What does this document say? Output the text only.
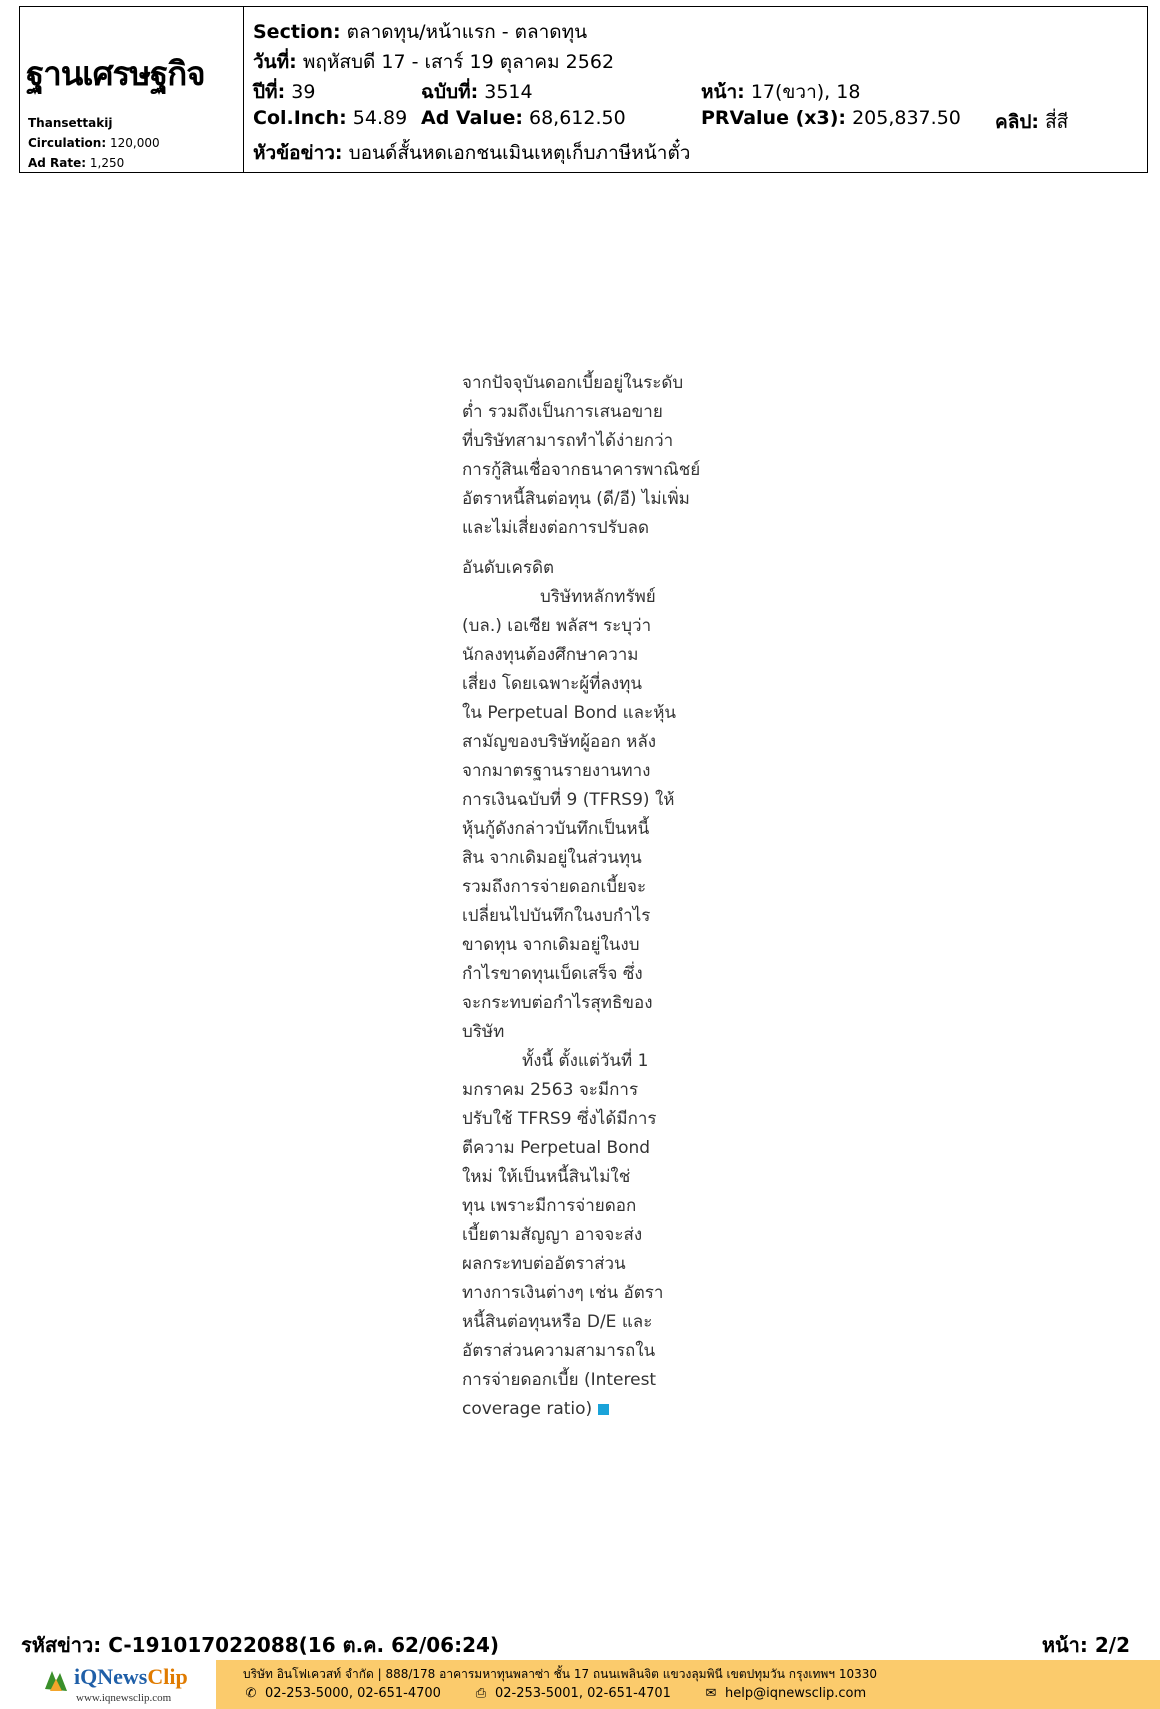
ฐานเศรษฐกิจ
Thansettakij
Circulation: 120,000
Ad Rate: 1,250
Section: ตลาดทุน/หน้าแรก - ตลาดทุน
วันที่: พฤหัสบดี 17 - เสาร์ 19 ตุลาคม 2562
ปีที่: 39	ฉบับที่: 3514	หน้า: 17(ขวา), 18
Col.Inch: 54.89 Ad Value: 68,612.50	PRValue (x3): 205,837.50 คลิป: สี่สี
หัวข้อข่าว: บอนด์สั้นหดเอกชนเมินเหตุเก็บภาษีหน้าตั๋ว
จากปัจจุบันดอกเบี้ยอยู่ในระดับ
ต่ำ รวมถึงเป็นการเสนอขาย
ที่บริษัทสามารถทำได้ง่ายกว่า
การกู้สินเชื่อจากธนาคารพาณิชย์
อัตราหนี้สินต่อทุน (ดี/อี) ไม่เพิ่ม
และไม่เสี่ยงต่อการปรับลด
อันดับเครดิต
บริษัทหลักทรัพย์
(บล.) เอเซีย พลัสฯ ระบุว่า
นักลงทุนต้องศึกษาความ
เสี่ยง โดยเฉพาะผู้ที่ลงทุน
ใน Perpetual Bond และหุ้น
สามัญของบริษัทผู้ออก หลัง
จากมาตรฐานรายงานทาง
การเงินฉบับที่ 9 (TFRS9) ให้
หุ้นกู้ดังกล่าวบันทึกเป็นหนี้
สิน จากเดิมอยู่ในส่วนทุน
รวมถึงการจ่ายดอกเบี้ยจะ
เปลี่ยนไปบันทึกในงบกำไร
ขาดทุน จากเดิมอยู่ในงบ
กำไรขาดทุนเบ็ดเสร็จ ซึ่ง
จะกระทบต่อกำไรสุทธิของ
บริษัท
ทั้งนี้ ตั้งแต่วันที่ 1
มกราคม 2563 จะมีการ
ปรับใช้ TFRS9 ซึ่งได้มีการ
ตีความ Perpetual Bond
ใหม่ ให้เป็นหนี้สินไม่ใช่
ทุน เพราะมีการจ่ายดอก
เบี้ยตามสัญญา อาจจะส่ง
ผลกระทบต่ออัตราส่วน
ทางการเงินต่างๆ เช่น อัตรา
หนี้สินต่อทุนหรือ D/E และ
อัตราส่วนความสามารถใน
การจ่ายดอกเบี้ย (Interest
coverage ratio)
รหัสข่าว: C-191017022088(16 ต.ค. 62/06:24)	หน้า: 2/2
iQNewsClip
www.iqnewsclip.com
บริษัท อินโฟเควสท์ จำกัด | 888/178 อาคารมหาทุนพลาซ่า ชั้น 17 ถนนเพลินจิต แขวงลุมพินี เขตปทุมวัน กรุงเทพฯ 10330
✆ 02-253-5000, 02-651-4700	⎙ 02-253-5001, 02-651-4701	✉ help@iqnewsclip.com
